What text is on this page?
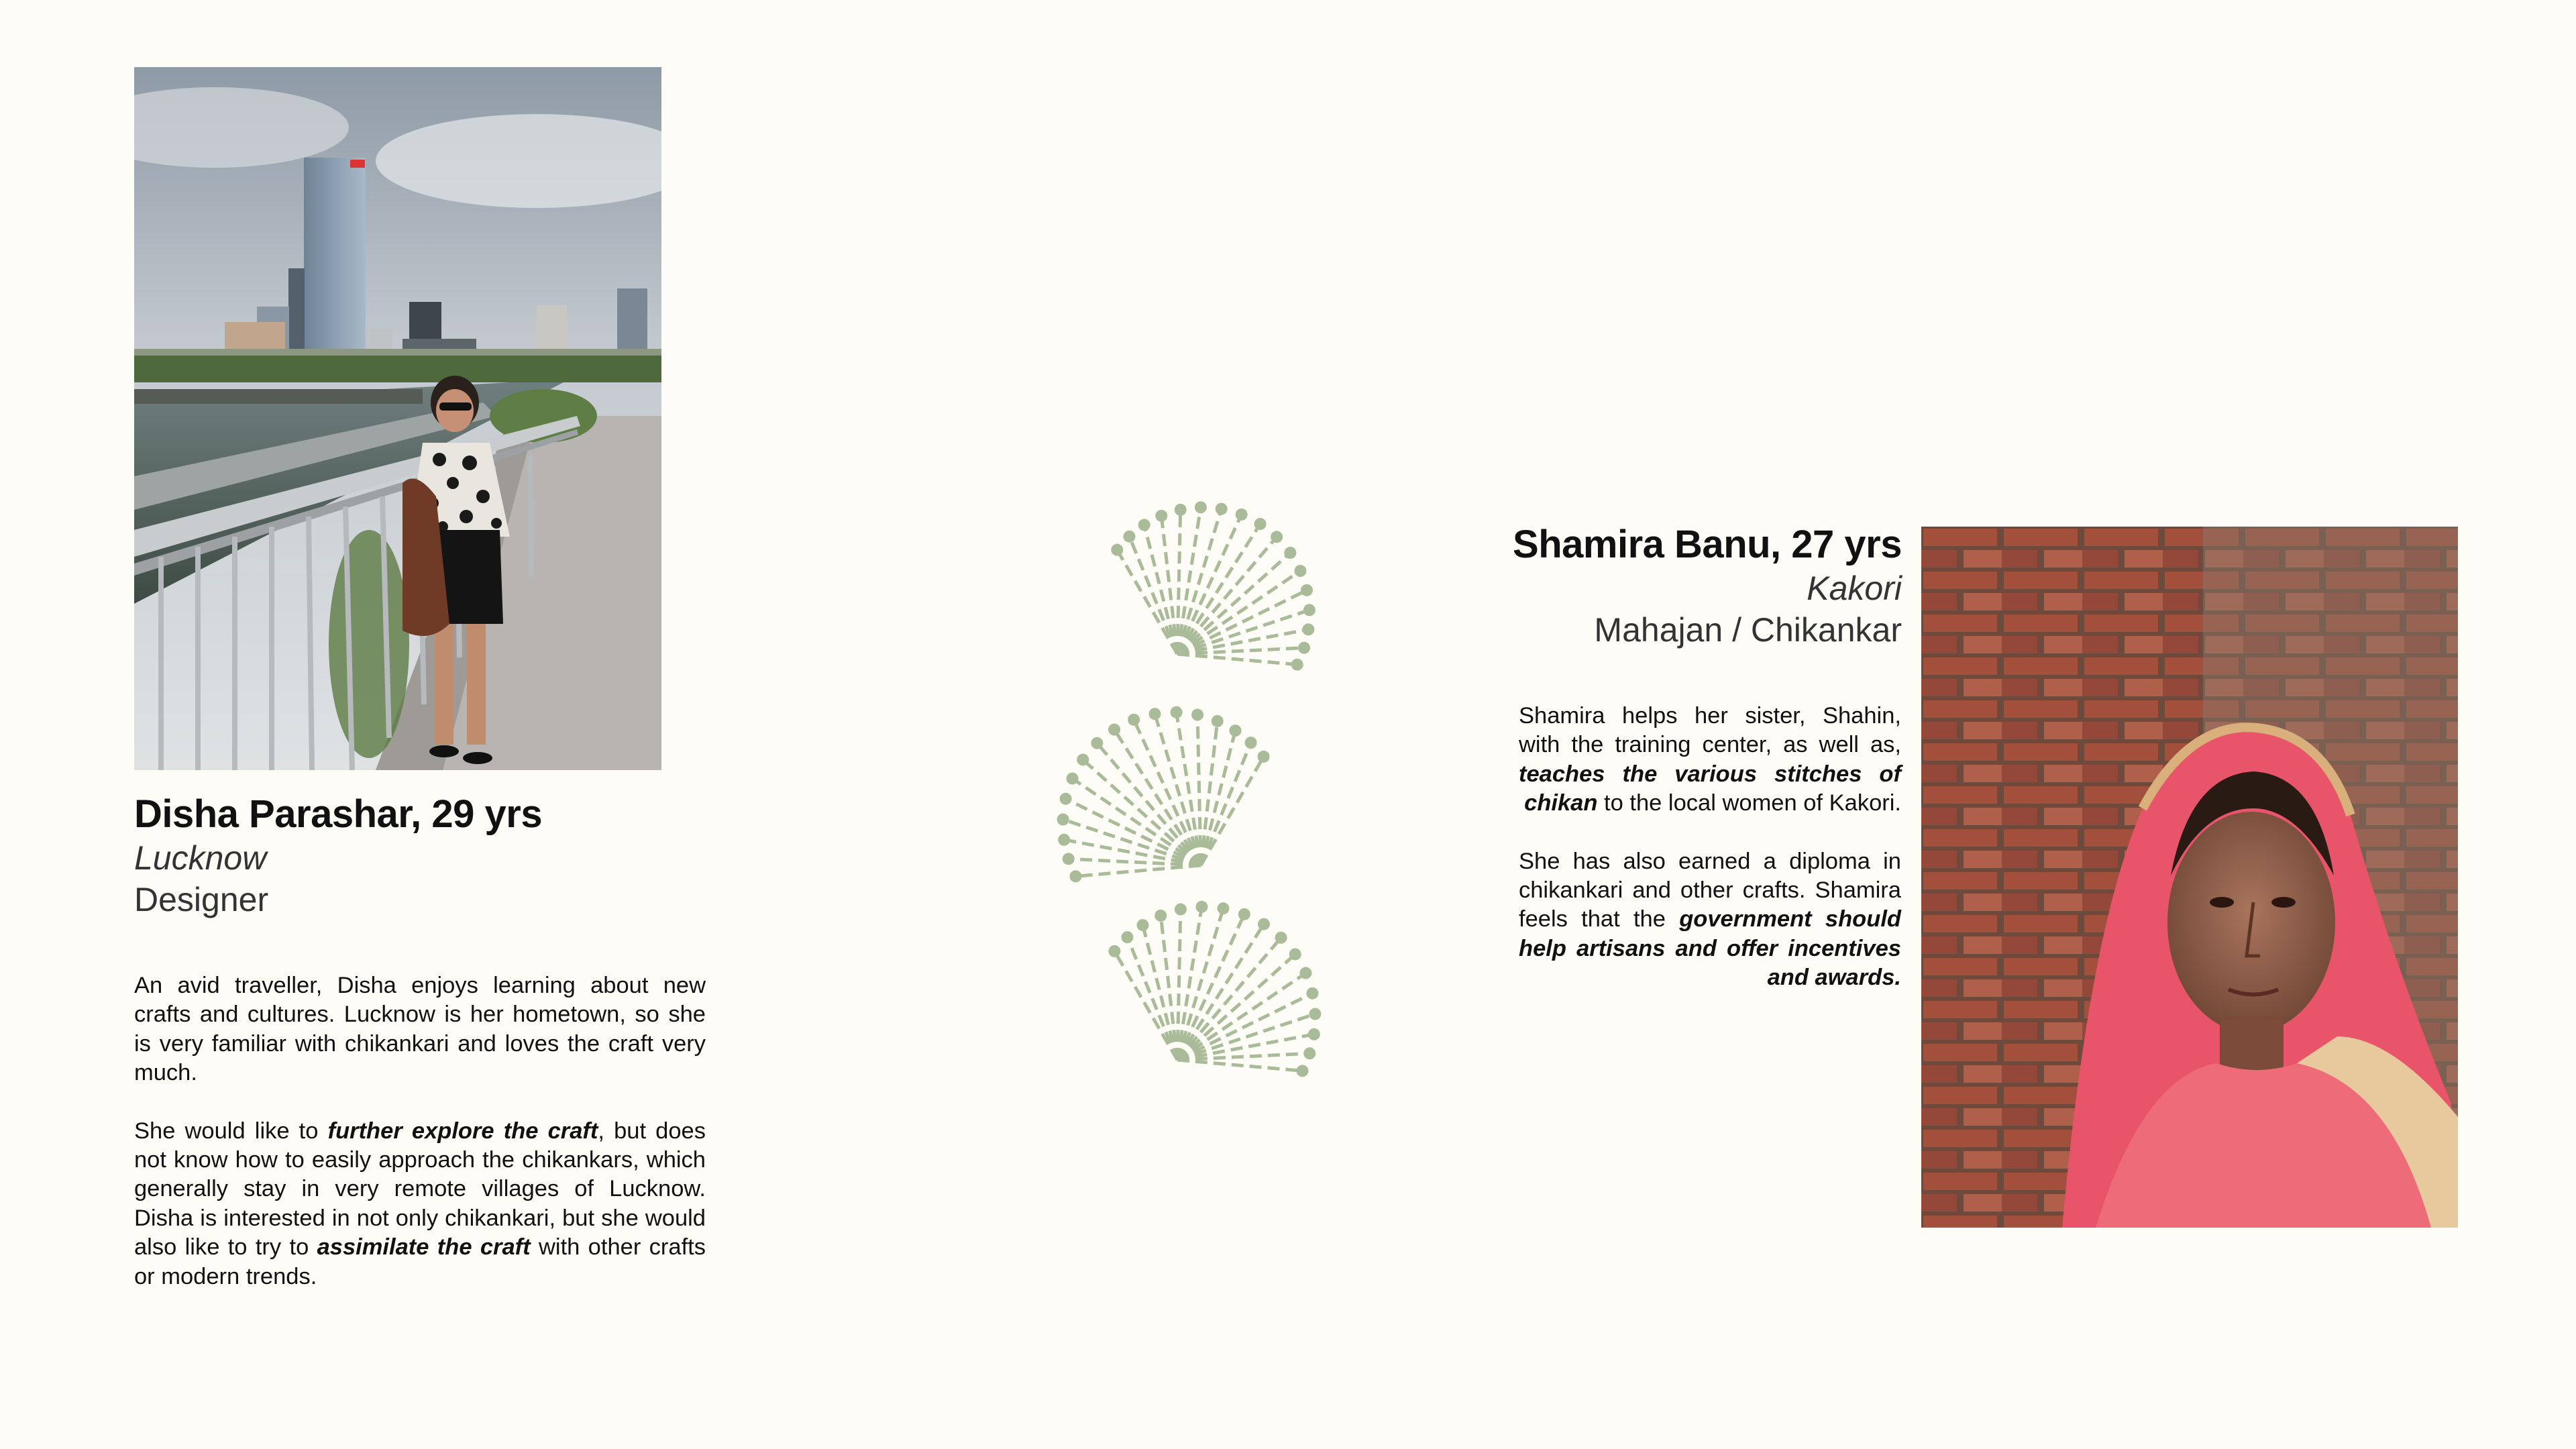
Disha Parashar, 29 yrs
Lucknow
Designer

An avid traveller, Disha enjoys learning about new crafts and cultures. Lucknow is her hometown, so she is very familiar with chikankari and loves the craft very much.

She would like to further explore the craft, but does not know how to easily approach the chikankars, which generally stay in very remote villages of Lucknow. Disha is interested in not only chikankari, but she would also like to try to assimilate the craft with other crafts or modern trends.

Shamira Banu, 27 yrs
Kakori
Mahajan / Chikankar

Shamira helps her sister, Shahin, with the training center, as well as, teaches the various stitches of chikan to the local women of Kakori.

She has also earned a diploma in chikankari and other crafts. Shamira feels that the government should help artisans and offer incentives and awards.
